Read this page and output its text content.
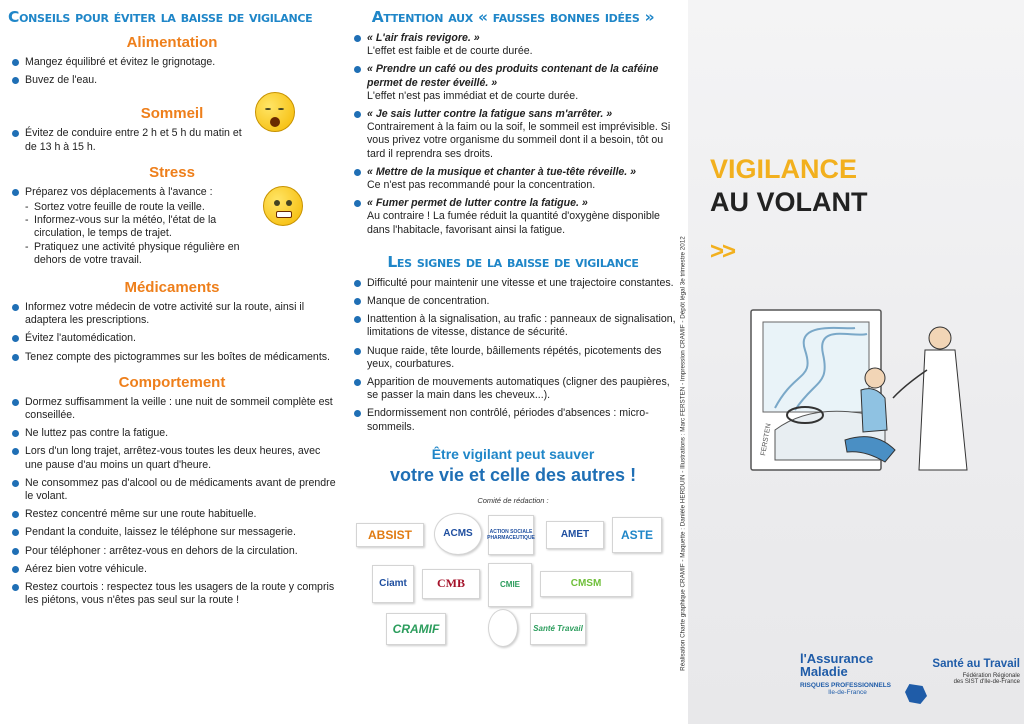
Conseils pour éviter la baisse de vigilance
Alimentation
Mangez équilibré et évitez le grignotage.
Buvez de l'eau.
Sommeil
Évitez de conduire entre 2 h et 5 h du matin et de 13 h à 15 h.
Stress
Préparez vos déplacements à l'avance :
- Sortez votre feuille de route la veille.
- Informez-vous sur la météo, l'état de la circulation, le temps de trajet.
- Pratiquez une activité physique régulière en dehors de votre travail.
Médicaments
Informez votre médecin de votre activité sur la route, ainsi il adaptera les prescriptions.
Évitez l'automédication.
Tenez compte des pictogrammes sur les boîtes de médicaments.
Comportement
Dormez suffisamment la veille : une nuit de sommeil complète est conseillée.
Ne luttez pas contre la fatigue.
Lors d'un long trajet, arrêtez-vous toutes les deux heures, avec une pause d'au moins un quart d'heure.
Ne consommez pas d'alcool ou de médicaments avant de prendre le volant.
Restez concentré même sur une route habituelle.
Pendant la conduite, laissez le téléphone sur messagerie.
Pour téléphoner : arrêtez-vous en dehors de la circulation.
Aérez bien votre véhicule.
Restez courtois : respectez tous les usagers de la route y compris les piétons, vous n'êtes pas seul sur la route !
Attention aux « fausses bonnes idées »
« L'air frais revigore. »
L'effet est faible et de courte durée.
« Prendre un café ou des produits contenant de la caféine permet de rester éveillé. »
L'effet n'est pas immédiat et de courte durée.
« Je sais lutter contre la fatigue sans m'arrêter. »
Contrairement à la faim ou la soif, le sommeil est imprévisible. Si vous privez votre organisme du sommeil dont il a besoin, tôt ou tard il reprendra ses droits.
« Mettre de la musique et chanter à tue-tête réveille. »
Ce n'est pas recommandé pour la concentration.
« Fumer permet de lutter contre la fatigue. »
Au contraire ! La fumée réduit la quantité d'oxygène disponible dans l'habitacle, favorisant ainsi la fatigue.
Les signes de la baisse de vigilance
Difficulté pour maintenir une vitesse et une trajectoire constantes.
Manque de concentration.
Inattention à la signalisation, au trafic : panneaux de signalisation, limitations de vitesse, distance de sécurité.
Nuque raide, tête lourde, bâillements répétés, picotements des yeux, courbatures.
Apparition de mouvements automatiques (cligner des paupières, se passer la main dans les cheveux...).
Endormissement non contrôlé, périodes d'absences : micro-sommeils.
Être vigilant peut sauver
votre vie et celle des autres !
Comité de rédaction :
ABSIST	ACMS	ACTION SOCIALE PHARMACEUTIQUE	AMET	ASTE
Ciamt	CMB	CMIE	CMSM
CRAMIF	Santé Travail	Réalisation Charte graphique CRAMIF - Maquette : Danièle HERDUIN - Illustrations : Marc FERSTEN - Impression CRAMIF - Dépôt légal 3e trimestre 2012
VIGILANCE
AU VOLANT
>>
FERSTEN
l'Assurance
Maladie
RISQUES PROFESSIONNELS
Ile-de-France
Santé au Travail
Fédération Régionale
des SIST d'Ile-de-France
